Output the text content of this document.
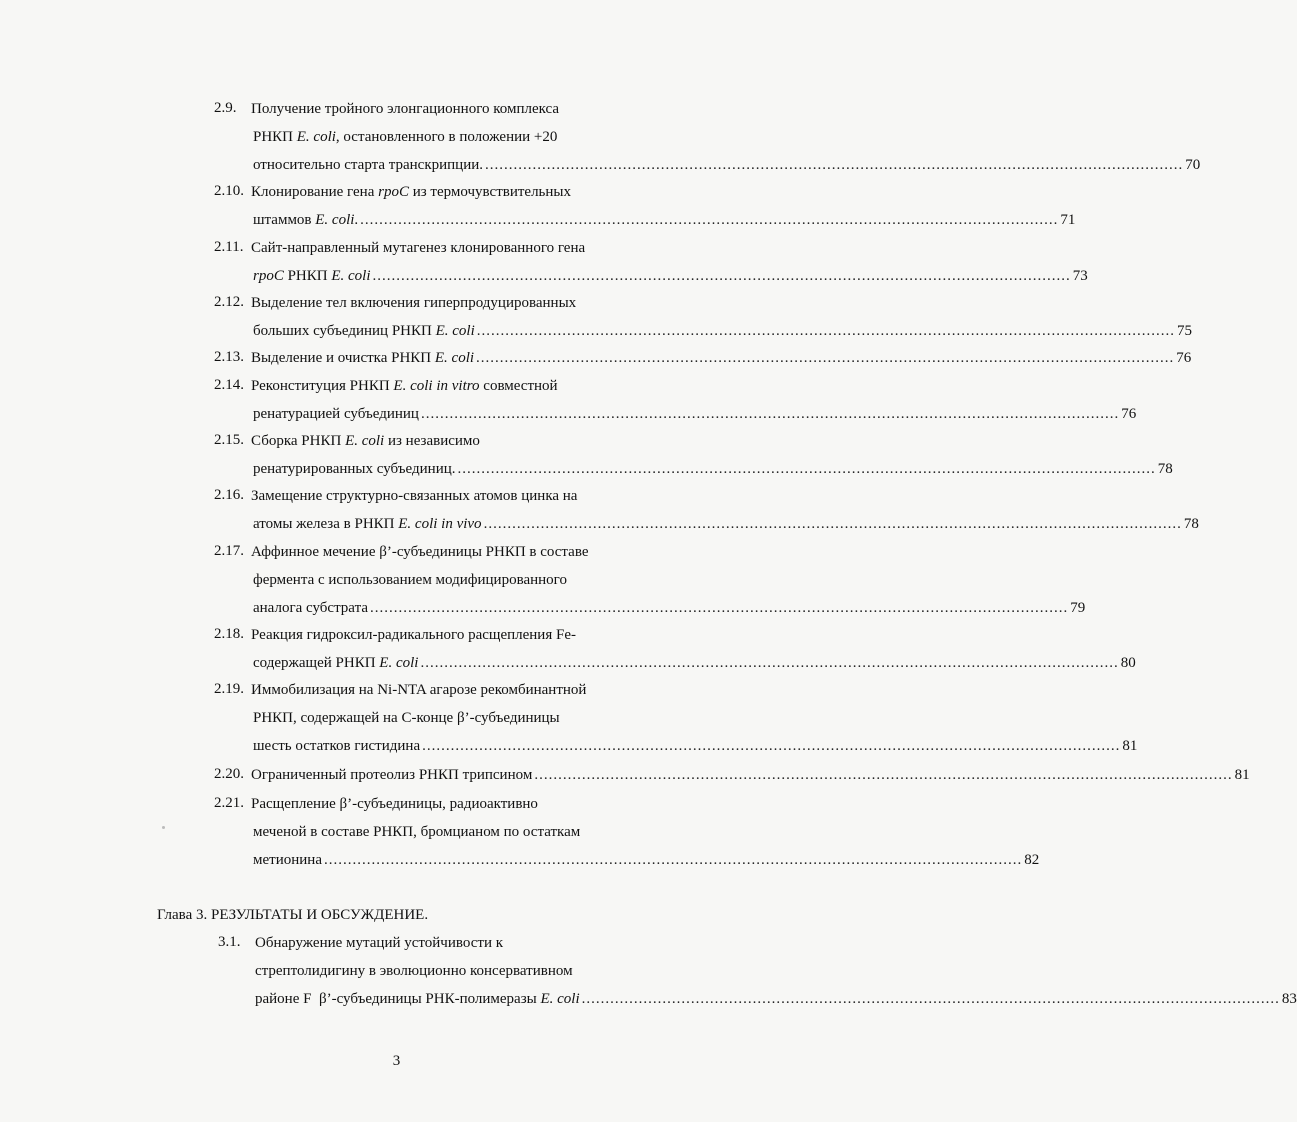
2.9. Получение тройного элонгационного комплекса
РНКП E. coli, остановленного в положении +20
относительно старта транскрипции. ................................................................................................................................................... 70
2.10. Клонирование гена rpoC из термочувствительных
штаммов E. coli. ................................................................................................................................................... 71
2.11. Сайт-направленный мутагенез клонированного гена
rpoC РНКП E. coli ................................................................................................................................................... 73
2.12. Выделение тел включения гиперпродуцированных
больших субъединиц РНКП E. coli ................................................................................................................................................... 75
2.13. Выделение и очистка РНКП E. coli ................................................................................................................................................... 76
2.14. Реконституция РНКП E. coli in vitro совместной
ренатурацией субъединиц ................................................................................................................................................... 76
2.15. Сборка РНКП E. coli из независимо
ренатурированных субъединиц. ................................................................................................................................................... 78
2.16. Замещение структурно-связанных атомов цинка на
атомы железа в РНКП E. coli in vivo ................................................................................................................................................... 78
2.17. Аффинное мечение β’-субъединицы РНКП в составе
фермента с использованием модифицированного
аналога субстрата ................................................................................................................................................... 79
2.18. Реакция гидроксил-радикального расщепления Fe-
содержащей РНКП E. coli ................................................................................................................................................... 80
2.19. Иммобилизация на Ni-NTA агарозе рекомбинантной
РНКП, содержащей на С-конце β’-субъединицы
шесть остатков гистидина ................................................................................................................................................... 81
2.20. Ограниченный протеолиз РНКП трипсином ................................................................................................................................................... 81
2.21. Расщепление β’-субъединицы, радиоактивно
меченой в составе РНКП, бромцианом по остаткам
метионина ................................................................................................................................................... 82
Глава 3. РЕЗУЛЬТАТЫ И ОБСУЖДЕНИЕ.
3.1. Обнаружение мутаций устойчивости к
стрептолидигину в эволюционно консервативном
районе F  β’-субъединицы РНК-полимеразы E. coli ................................................................................................................................................... 83
3
